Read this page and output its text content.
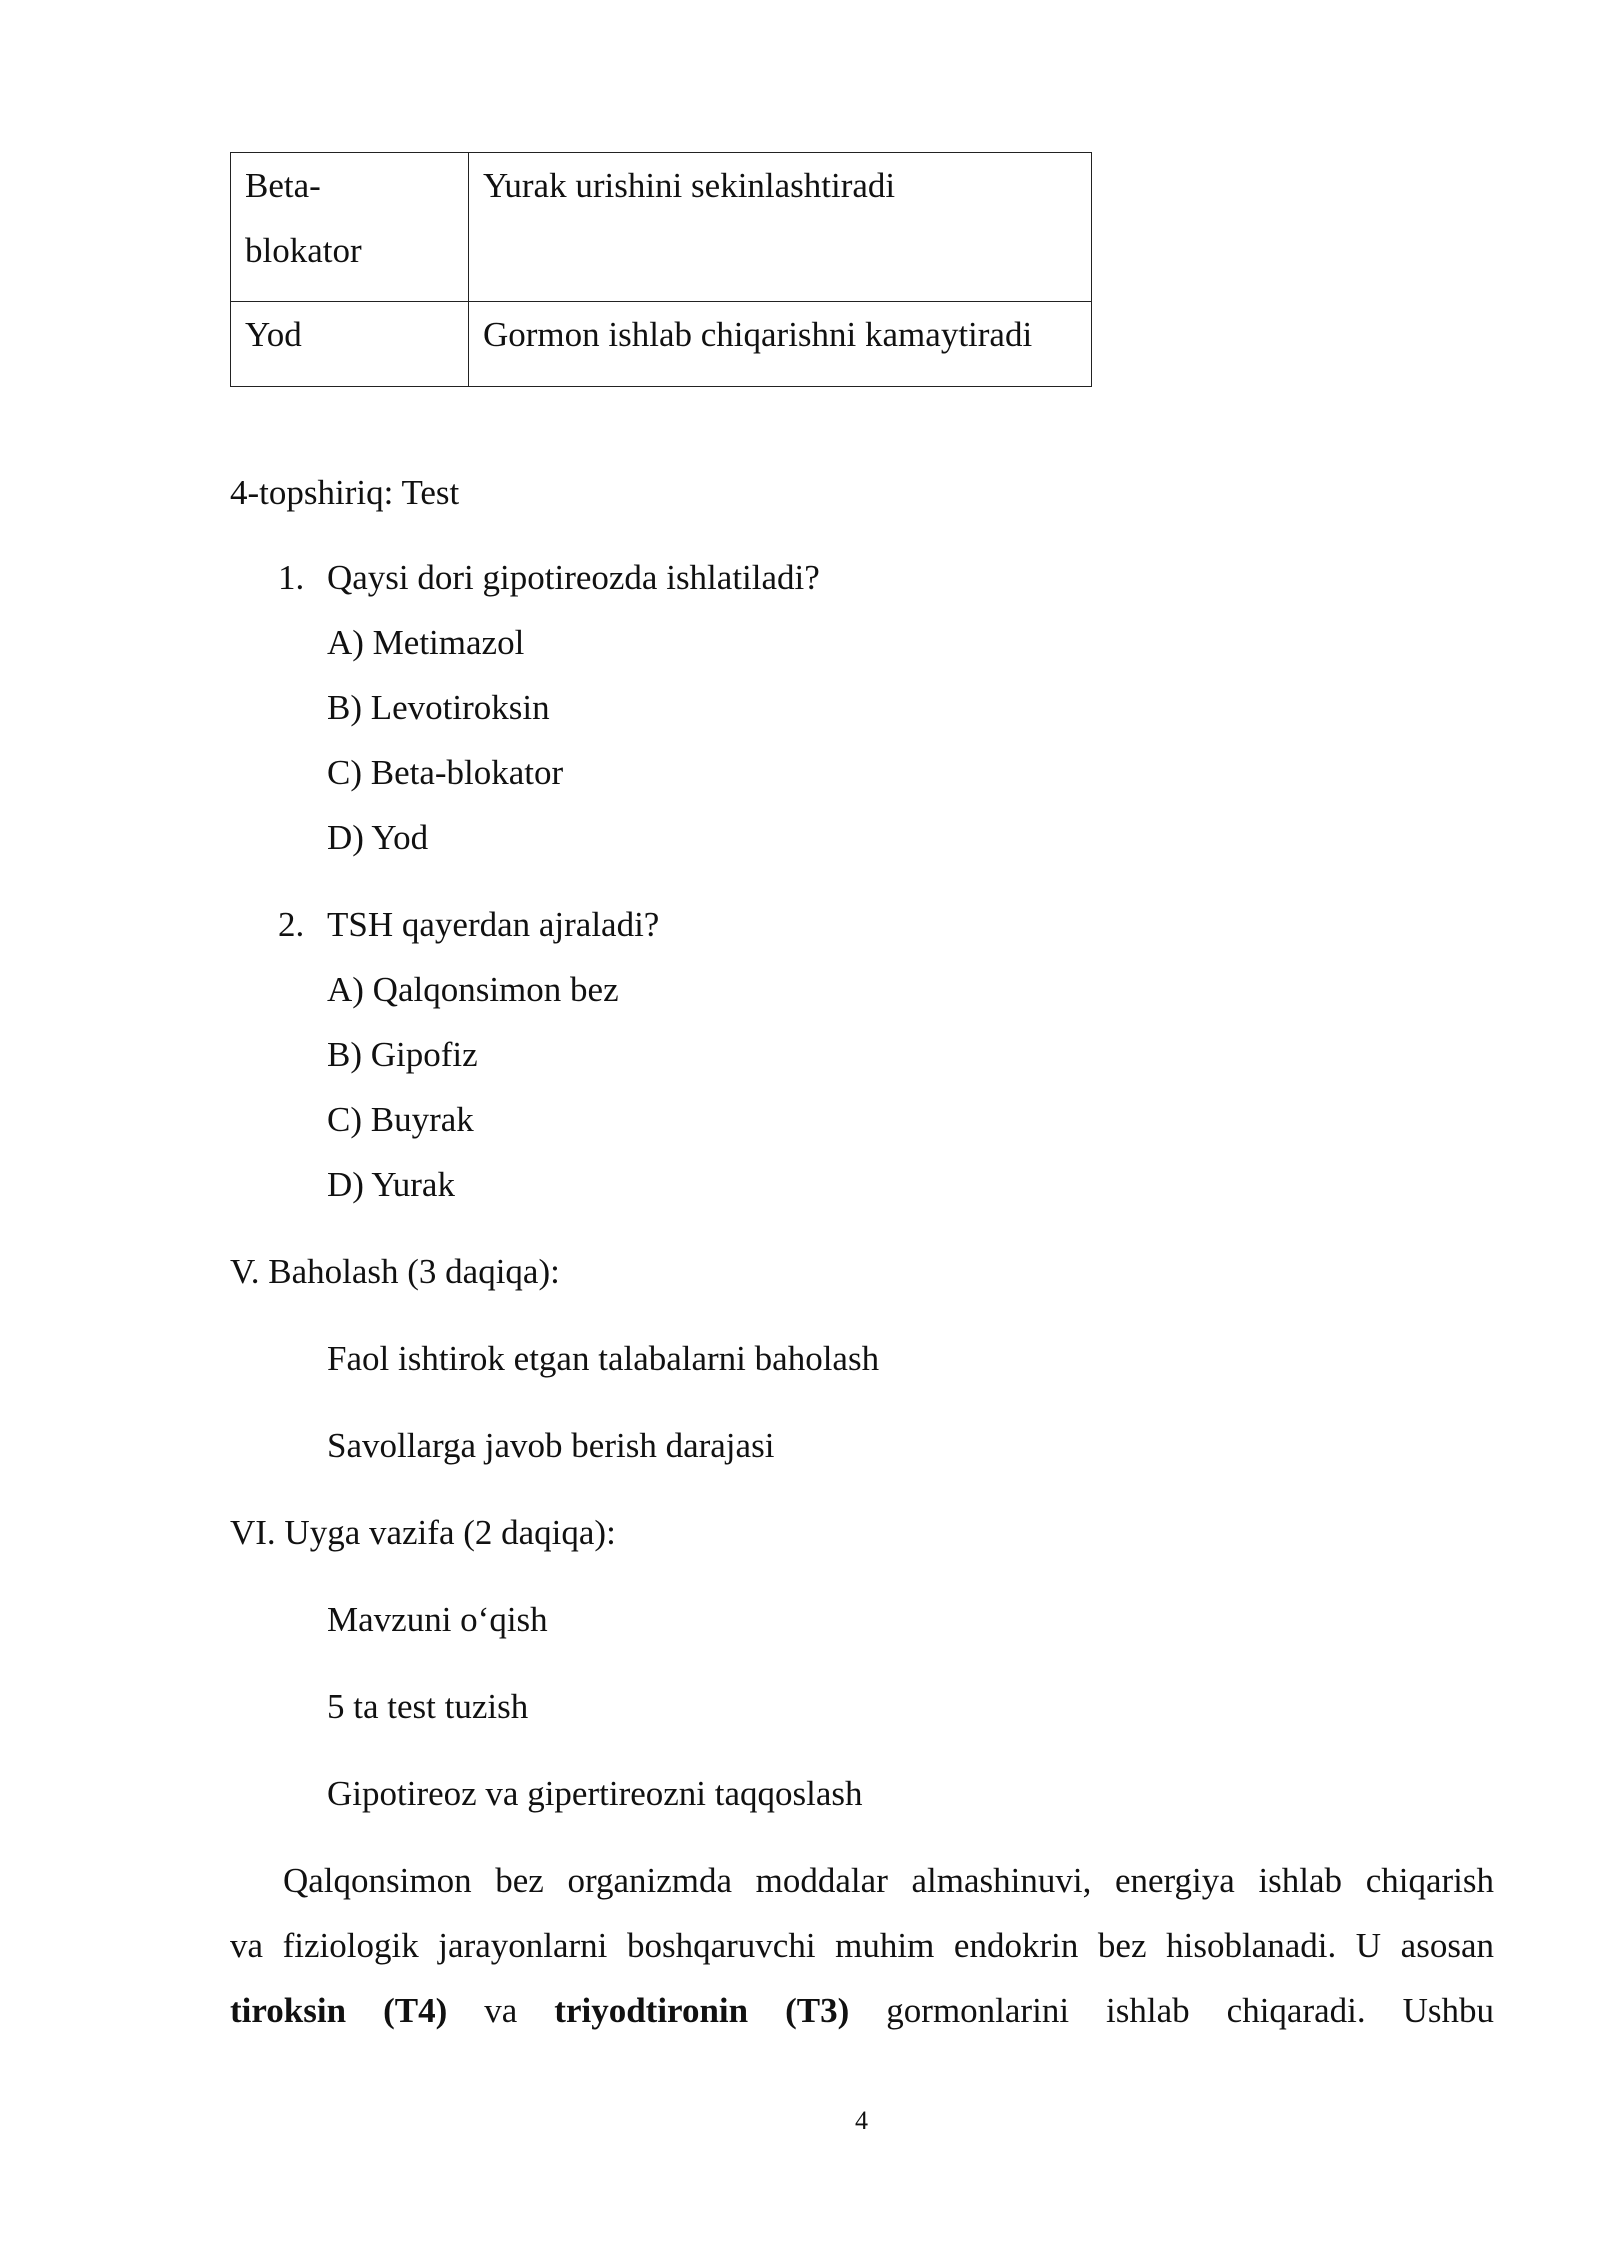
Beta-
blokator	Yurak urishini sekinlashtiradi
Yod	Gormon ishlab chiqarishni kamaytiradi
4-topshiriq: Test
1. Qaysi dori gipotireozda ishlatiladi?
A) Metimazol
B) Levotiroksin
C) Beta-blokator
D) Yod
2. TSH qayerdan ajraladi?
A) Qalqonsimon bez
B) Gipofiz
C) Buyrak
D) Yurak
V. Baholash (3 daqiqa):
Faol ishtirok etgan talabalarni baholash
Savollarga javob berish darajasi
VI. Uyga vazifa (2 daqiqa):
Mavzuni o‘qish
5 ta test tuzish
Gipotireoz va gipertireozni taqqoslash
Qalqonsimon bez organizmda moddalar almashinuvi, energiya ishlab chiqarish
va fiziologik jarayonlarni boshqaruvchi muhim endokrin bez hisoblanadi. U asosan
tiroksin (T4) va triyodtironin (T3) gormonlarini ishlab chiqaradi. Ushbu
4
